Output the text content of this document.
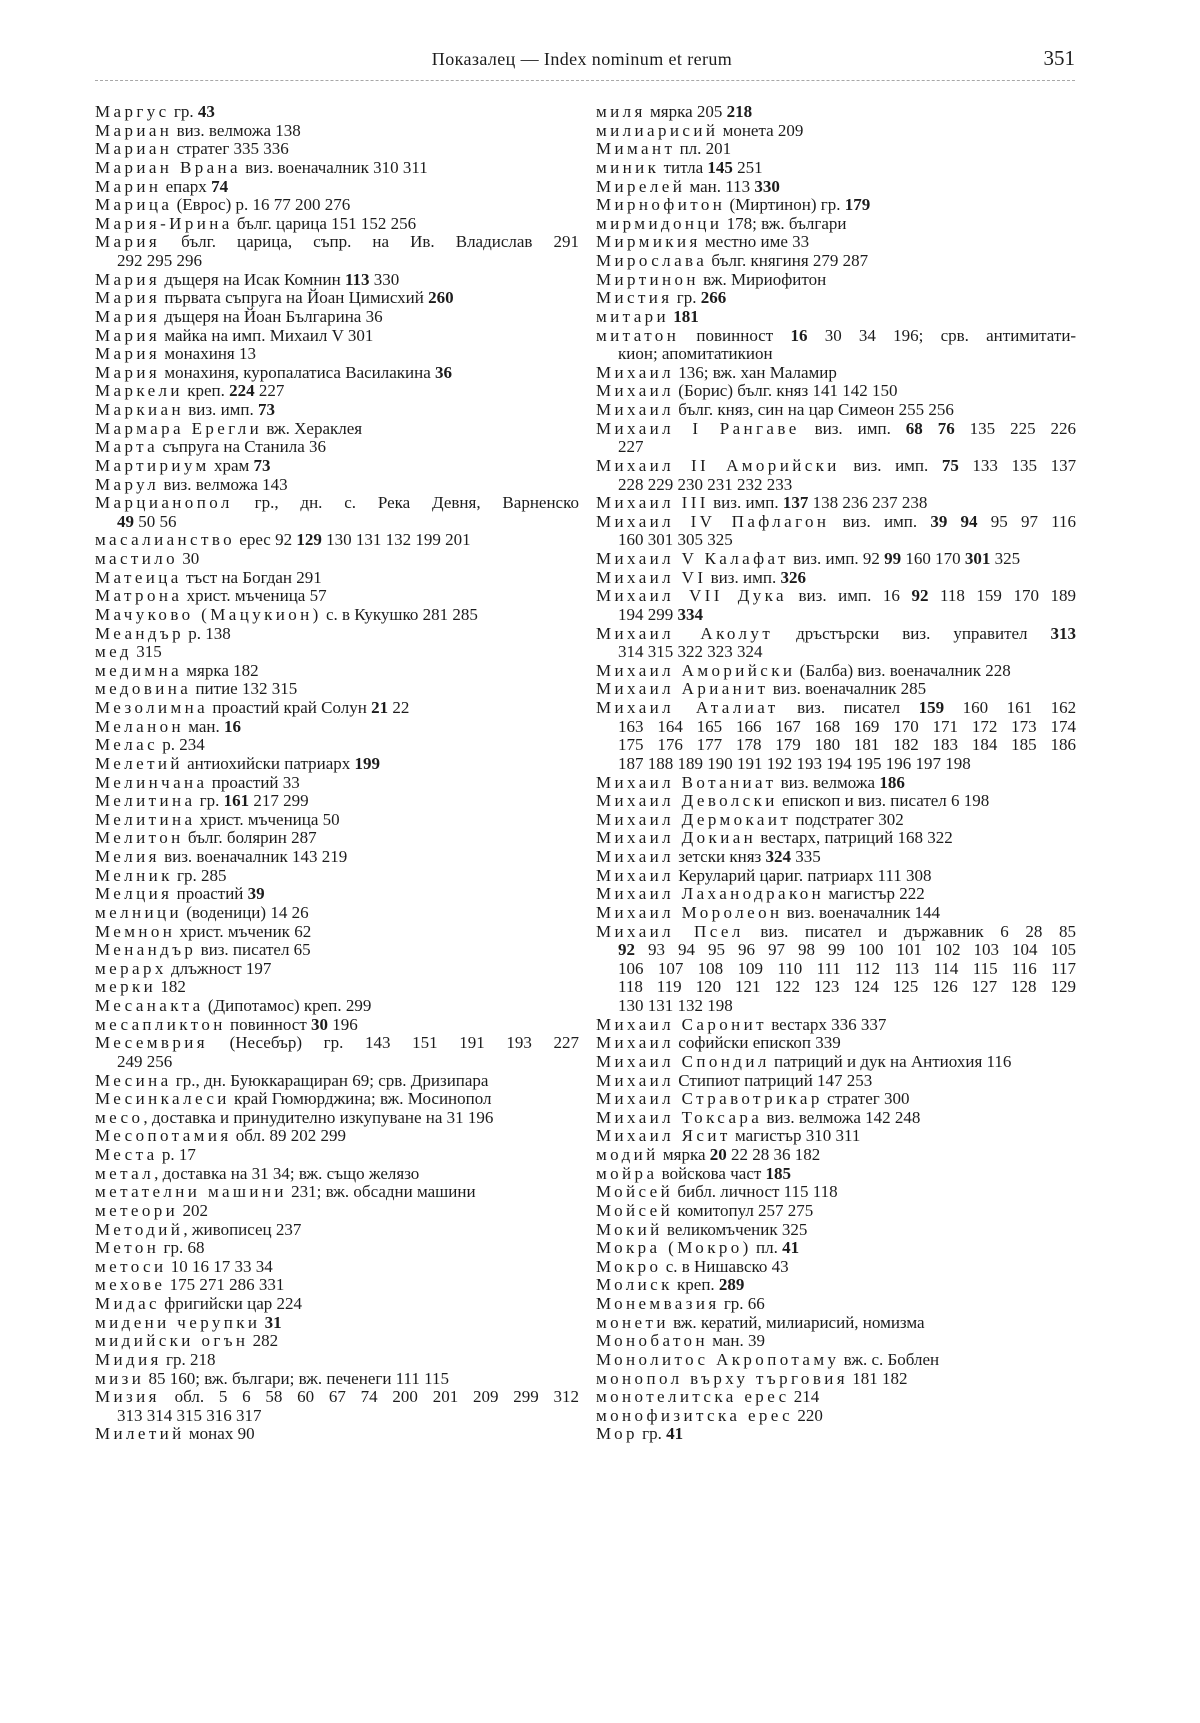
Показалец — Index nominum et rerum	351
Маргус гр. 43
Мариан виз. велможа 138
Мариан стратег 335 336
Мариан Врана виз. военачалник 310 311
Марин епарх 74
Марица (Еврос) р. 16 77 200 276
Мария-Ирина бълг. царица 151 152 256
Мария бълг. царица, съпр. на Ив. Владислав 291
292 295 296
Мария дъщеря на Исак Комнин 113 330
Мария първата съпруга на Йоан Цимисхий 260
Мария дъщеря на Йоан Българина 36
Мария майка на имп. Михаил V 301
Мария монахиня 13
Мария монахиня, куропалатиса Василакина 36
Маркели креп. 224 227
Маркиан виз. имп. 73
Мармара Ерегли вж. Хераклея
Марта съпруга на Станила 36
Мартириум храм 73
Марул виз. велможа 143
Марцианопол гр., дн. с. Река Девня, Варненско
49 50 56
масалианство ерес 92 129 130 131 132 199 201
мастило 30
Матеица тъст на Богдан 291
Матрона христ. мъченица 57
Мачуково (Мацукион) с. в Кукушко 281 285
Меандър р. 138
мед 315
медимна мярка 182
медовина питие 132 315
Мезолимна проастий край Солун 21 22
Меланон ман. 16
Мелас р. 234
Мелетий антиохийски патриарх 199
Мелинчана проастий 33
Мелитина гр. 161 217 299
Мелитина христ. мъченица 50
Мелитон бълг. болярин 287
Мелия виз. военачалник 143 219
Мелник гр. 285
Мелция проастий 39
мелници (воденици) 14 26
Мемнон христ. мъченик 62
Менандър виз. писател 65
мерарх длъжност 197
мерки 182
Месанакта (Дипотамос) креп. 299
месапликтон повинност 30 196
Месемврия (Несебър) гр. 143 151 191 193 227
249 256
Месина гр., дн. Буюккаращиран 69; срв. Дризипара
Месинкалеси край Гюмюрджина; вж. Мосинопол
месо, доставка и принудително изкупуване на 31 196
Месопотамия обл. 89 202 299
Места р. 17
метал, доставка на 31 34; вж. също желязо
метателни машини 231; вж. обсадни машини
метеори 202
Методий, живописец 237
Метон гр. 68
метоси 10 16 17 33 34
мехове 175 271 286 331
Мидас фригийски цар 224
мидени черупки 31
мидийски огън 282
Мидия гр. 218
мизи 85 160; вж. българи; вж. печенеги 111 115
Мизия обл. 5 6 58 60 67 74 200 201 209 299 312
313 314 315 316 317
Милетий монах 90
миля мярка 205 218
милиарисий монета 209
Мимант пл. 201
миник титла 145 251
Мирелей ман. 113 330
Мирнофитон (Миртинон) гр. 179
мирмидонци 178; вж. българи
Мирмикия местно име 33
Мирослава бълг. княгиня 279 287
Миртинон вж. Мириофитон
Мистия гр. 266
митари 181
митатон повинност 16 30 34 196; срв. антимитати-
кион; апомитатикион
Михаил 136; вж. хан Маламир
Михаил (Борис) бълг. княз 141 142 150
Михаил бълг. княз, син на цар Симеон 255 256
Михаил I Рангаве виз. имп. 68 76 135 225 226
227
Михаил II Аморийски виз. имп. 75 133 135 137
228 229 230 231 232 233
Михаил III виз. имп. 137 138 236 237 238
Михаил IV Пафлагон виз. имп. 39 94 95 97 116
160 301 305 325
Михаил V Калафат виз. имп. 92 99 160 170 301 325
Михаил VI виз. имп. 326
Михаил VII Дука виз. имп. 16 92 118 159 170 189
194 299 334
Михаил Аколут дръстърски виз. управител 313
314 315 322 323 324
Михаил Аморийски (Балба) виз. военачалник 228
Михаил Арианит виз. военачалник 285
Михаил Аталиат виз. писател 159 160 161 162
163 164 165 166 167 168 169 170 171 172 173 174
175 176 177 178 179 180 181 182 183 184 185 186
187 188 189 190 191 192 193 194 195 196 197 198
Михаил Вотаниат виз. велможа 186
Михаил Деволски епископ и виз. писател 6 198
Михаил Дермокаит подстратег 302
Михаил Докиан вестарх, патриций 168 322
Михаил зетски княз 324 335
Михаил Керуларий цариг. патриарх 111 308
Михаил Лаханодракон магистър 222
Михаил Моролеон виз. военачалник 144
Михаил Псел виз. писател и държавник 6 28 85
92 93 94 95 96 97 98 99 100 101 102 103 104 105
106 107 108 109 110 111 112 113 114 115 116 117
118 119 120 121 122 123 124 125 126 127 128 129
130 131 132 198
Михаил Саронит вестарх 336 337
Михаил софийски епископ 339
Михаил Спондил патриций и дук на Антиохия 116
Михаил Стипиот патриций 147 253
Михаил Стравотрикар стратег 300
Михаил Токсара виз. велможа 142 248
Михаил Ясит магистър 310 311
модий мярка 20 22 28 36 182
мойра войскова част 185
Мойсей библ. личност 115 118
Мойсей комитопул 257 275
Мокий великомъченик 325
Мокра (Мокро) пл. 41
Мокро с. в Нишавско 43
Молиск креп. 289
Монемвазия гр. 66
монети вж. кератий, милиарисий, номизма
Монобатон ман. 39
Монолитос Акропотаму вж. с. Боблен
монопол върху търговия 181 182
монотелитска ерес 214
монофизитска ерес 220
Мор гр. 41
